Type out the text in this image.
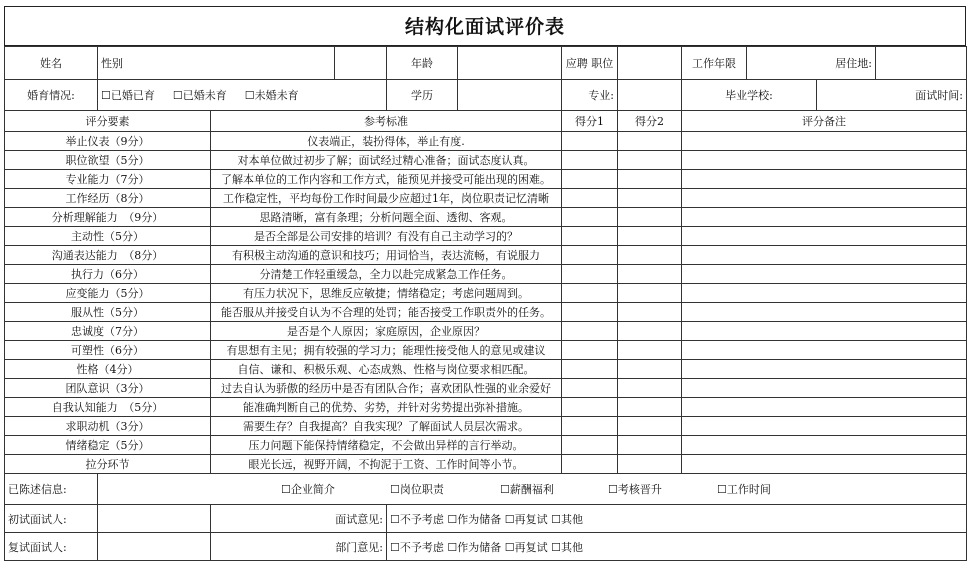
结构化面试评价表
姓名	性别			年龄		应聘 职位		工作年限	居住地:		
婚育情况:	☐已婚已育 ☐已婚未育 ☐未婚未育			学历		专业:		毕业学校:		面试时间:	
评分要素		参考标准				得分1	得分2	评分备注			
举止仪表（9分）		仪表端正，装扮得体，举止有度.									
职位欲望（5分）		对本单位做过初步了解；面试经过精心准备；面试态度认真。									
专业能力（7分）		了解本单位的工作内容和工作方式，能预见并接受可能出现的困难。									
工作经历（8分）		工作稳定性，平均每份工作时间最少应超过1年，岗位职责记忆清晰									
分析理解能力　（9分）		思路清晰，富有条理；分析问题全面、透彻、客观。									
主动性（5分）		是否全部是公司安排的培训？有没有自己主动学习的？									
沟通表达能力　（8分）		有积极主动沟通的意识和技巧；用词恰当，表达流畅，有说服力									
执行力（6分）		分清楚工作轻重缓急，全力以赴完成紧急工作任务。									
应变能力（5分）		有压力状况下，思维反应敏捷；情绪稳定；考虑问题周到。									
服从性（5分）		能否服从并接受自认为不合理的处罚；能否接受工作职责外的任务。									
忠诚度（7分）		是否是个人原因；家庭原因，企业原因？									
可塑性（6分）		有思想有主见；拥有较强的学习力；能理性接受他人的意见或建议									
性格（4分）		自信、谦和、积极乐观、心态成熟、性格与岗位要求相匹配。									
团队意识（3分）		过去自认为骄傲的经历中是否有团队合作；喜欢团队性强的业余爱好									
自我认知能力　（5分）		能准确判断自己的优势、劣势，并针对劣势提出弥补措施。									
求职动机（3分）		需要生存？自我提高？自我实现？了解面试人员层次需求。									
情绪稳定（5分）		压力问题下能保持情绪稳定，不会做出异样的言行举动。									
拉分环节		眼光长远，视野开阔，不拘泥于工资、工作时间等小节。									
已陈述信息:	☐企业简介 ☐岗位职责 ☐薪酬福利 ☐考核晋升 ☐工作时间										
初试面试人:		面试意见:		☐不予考虑 ☐作为储备 ☐再复试 ☐其他							
复试面试人:		部门意见:		☐不予考虑 ☐作为储备 ☐再复试 ☐其他							
